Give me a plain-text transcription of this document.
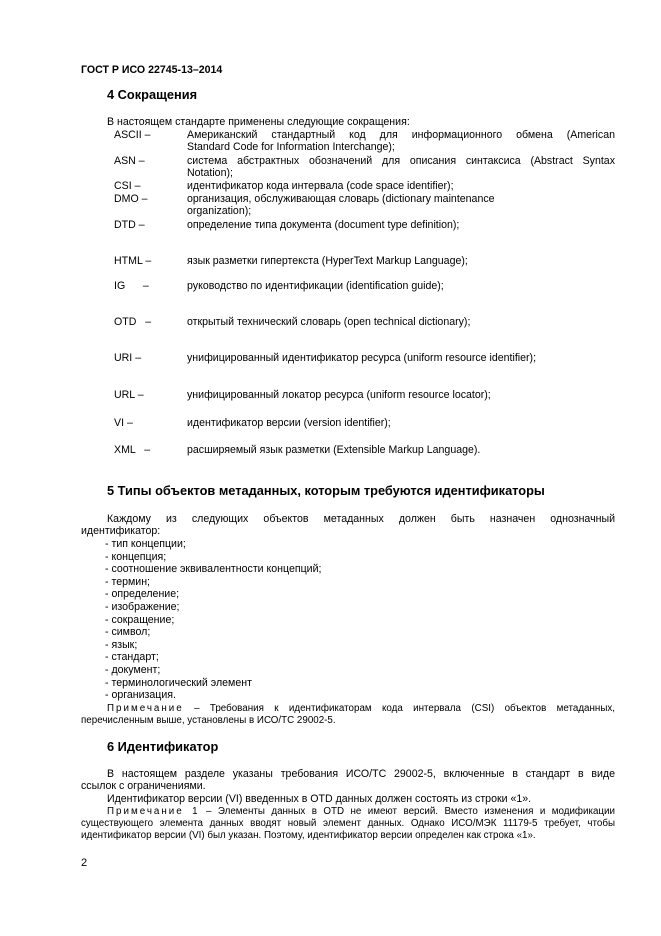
ГОСТ Р ИСО 22745-13–2014
4 Сокращения
В настоящем стандарте применены следующие сокращения:
ASCII –	Американский стандартный код для информационного обмена (American
Standard Code for Information Interchange);
ASN –	система абстрактных обозначений для описания синтаксиса (Abstract Syntax
Notation);
CSI –	идентификатор кода интервала (code space identifier);
DMO –	организация, обслуживающая словарь (dictionary maintenance
organization);
DTD –	определение типа документа (document type definition);
HTML –	язык разметки гипертекста (HyperText Markup Language);
IG      –	руководство по идентификации (identification guide);
OTD   –	открытый технический словарь (open technical dictionary);
URI –	унифицированный идентификатор ресурса (uniform resource identifier);
URL –	унифицированный локатор ресурса (uniform resource locator);
VI –	идентификатор версии (version identifier);
XML   –	расширяемый язык разметки (Extensible Markup Language).
5 Типы объектов метаданных, которым требуются идентификаторы
Каждому из следующих объектов метаданных должен быть назначен однозначный
идентификатор:
- тип концепции;
- концепция;
- соотношение эквивалентности концепций;
- термин;
- определение;
- изображение;
- сокращение;
- символ;
- язык;
- стандарт;
- документ;
- терминологический элемент
- организация.
Примечание – Требования к идентификаторам кода интервала (CSI) объектов метаданных,
перечисленным выше, установлены в ИСО/ТС 29002-5.
6 Идентификатор
В настоящем разделе указаны требования ИСО/ТС 29002-5, включенные в стандарт в виде
ссылок с ограничениями.
Идентификатор версии (VI) введенных в OTD данных должен состоять из строки «1».
Примечание 1 – Элементы данных в OTD не имеют версий. Вместо изменения и модификации
существующего элемента данных вводят новый элемент данных. Однако ИСО/МЭК 11179-5 требует, чтобы
идентификатор версии (VI) был указан. Поэтому, идентификатор версии определен как строка «1».
2
